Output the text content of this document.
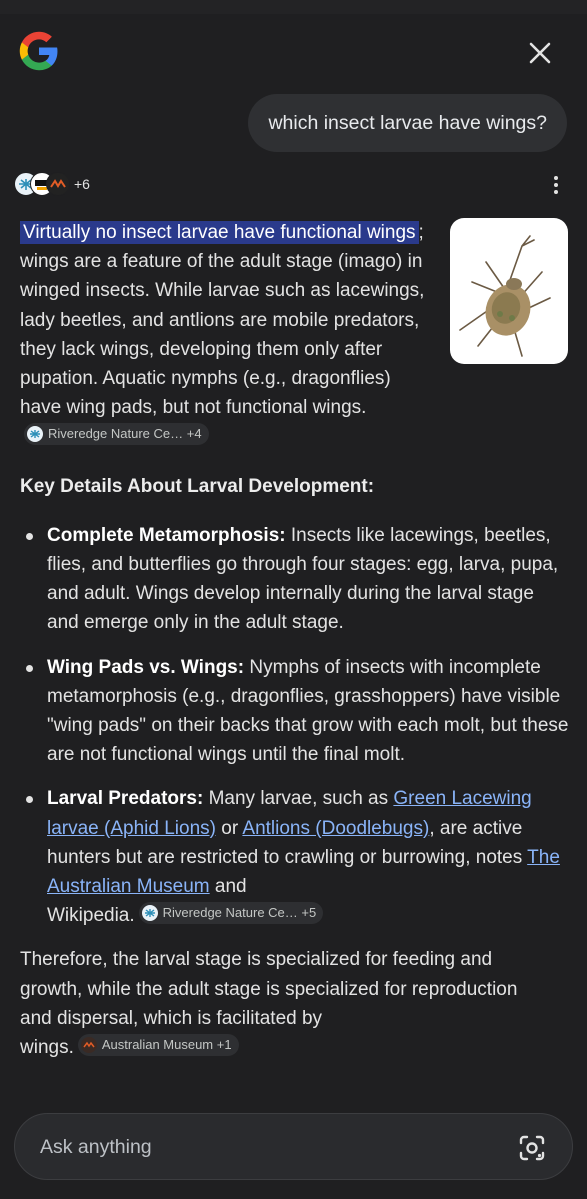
which insect larvae have wings?
+6

Virtually no insect larvae have functional wings ; wings are a feature of the adult stage (imago) in winged insects. While larvae such as lacewings, lady beetles, and antlions are mobile predators, they lack wings, developing them only after pupation. Aquatic nymphs (e.g., dragonflies) have wing pads, but not functional wings.
Riveredge Nature Ce…
+4

Key Details About Larval Development:

Complete Metamorphosis: Insects like lacewings, beetles, flies, and butterflies go through four stages: egg, larva, pupa, and adult. Wings develop internally during the larval stage and emerge only in the adult stage.
Wing Pads vs. Wings: Nymphs of insects with incomplete metamorphosis (e.g., dragonflies, grasshoppers) have visible "wing pads" on their backs that grow with each molt, but these are not functional wings until the final molt.
Larval Predators: Many larvae, such as Green Lacewing larvae (Aphid Lions) or Antlions (Doodlebugs), are active hunters but are restricted to crawling or burrowing, notes The Australian Museum and
Wikipedia. Riveredge Nature Ce…
+5

Therefore, the larval stage is specialized for feeding and growth, while the adult stage is specialized for reproduction and dispersal, which is facilitated by
wings. Australian Museum
+1

Ask anything
